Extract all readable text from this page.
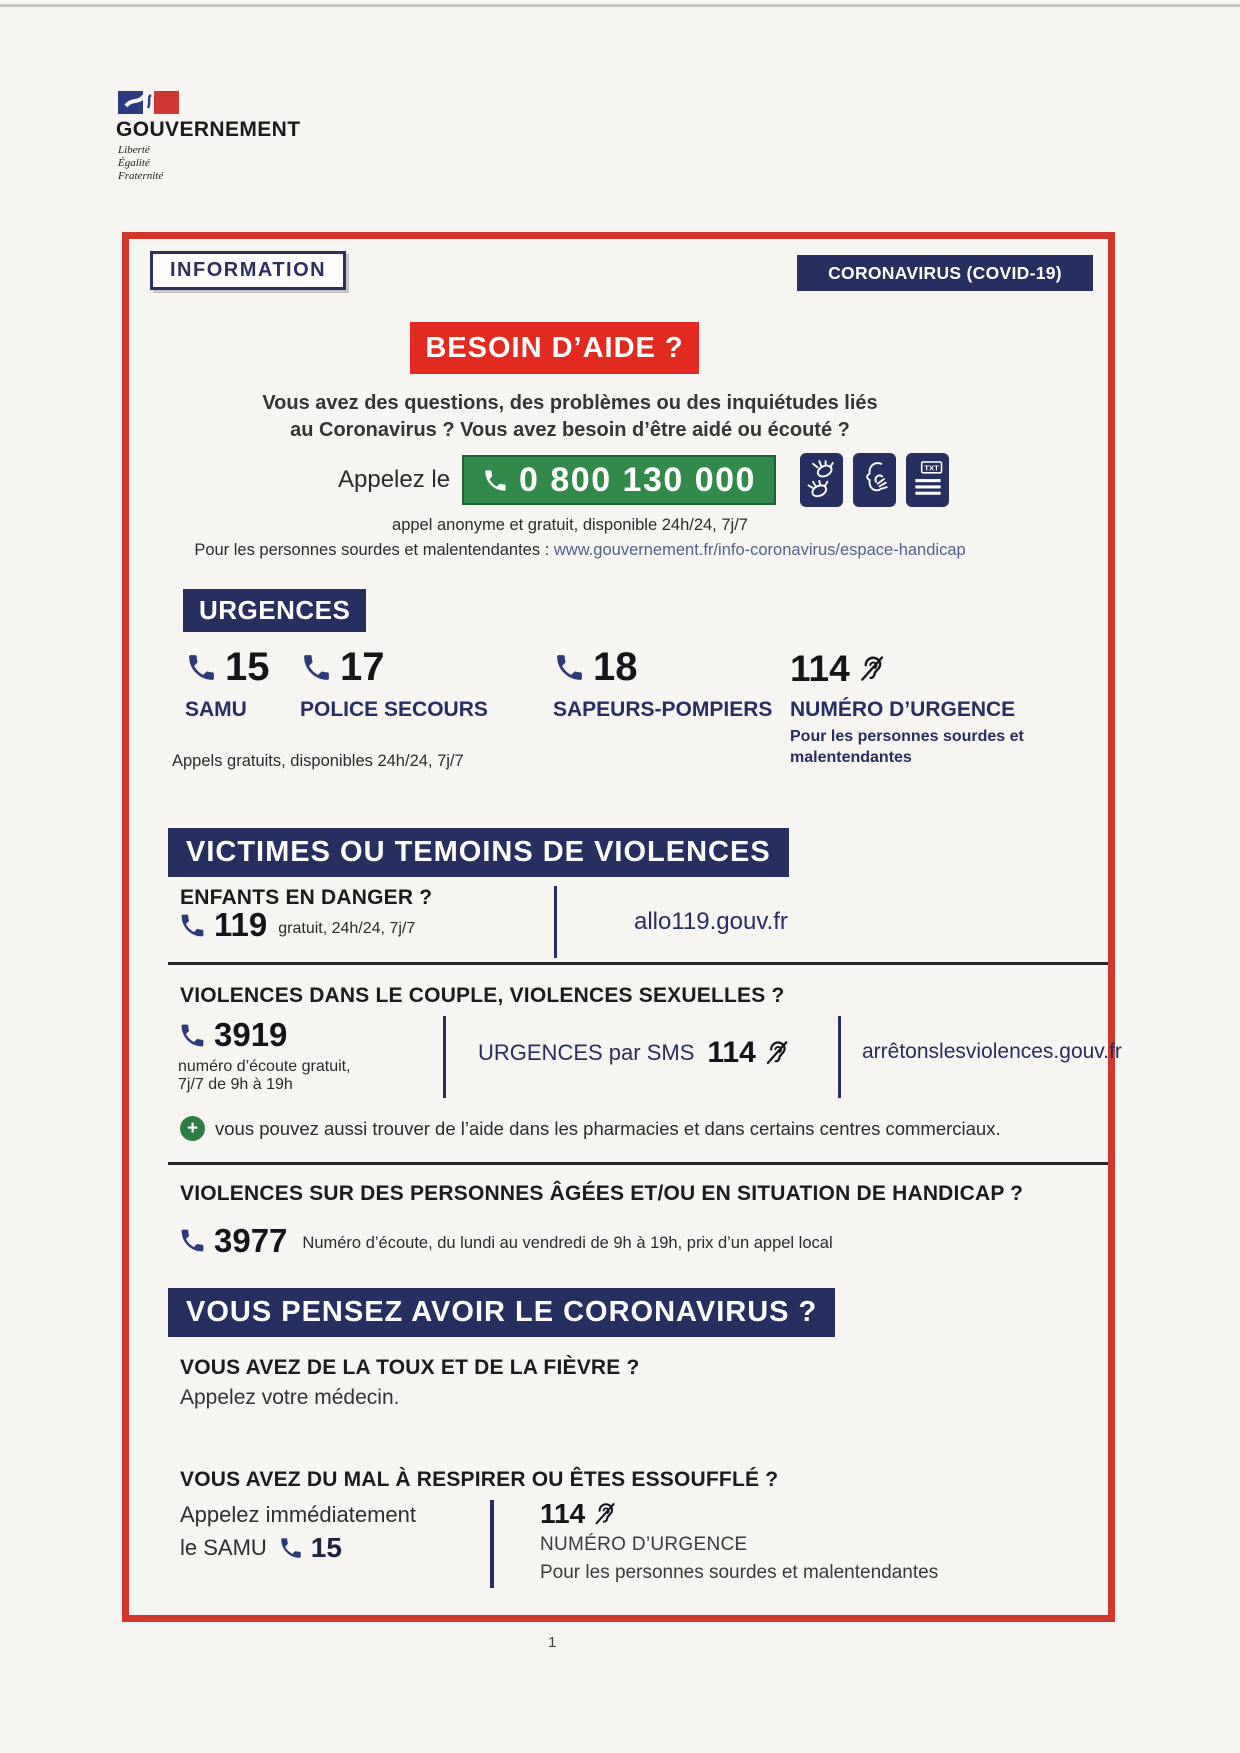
GOUVERNEMENT
Liberté
Égalité
Fraternité
INFORMATION	CORONAVIRUS (COVID-19)
BESOIN D’AIDE ?
Vous avez des questions, des problèmes ou des inquiétudes liés
au Coronavirus ? Vous avez besoin d’être aidé ou écouté ?
Appelez le 0 800 130 000	TXT
appel anonyme et gratuit, disponible 24h/24, 7j/7
Pour les personnes sourdes et malentendantes : www.gouvernement.fr/info-coronavirus/espace-handicap
URGENCES
15
SAMU
17
POLICE SECOURS
18
SAPEURS-POMPIERS
114
NUMÉRO D’URGENCE
Pour les personnes sourdes et malentendantes
Appels gratuits, disponibles 24h/24, 7j/7
VICTIMES OU TEMOINS DE VIOLENCES
ENFANTS EN DANGER ?
119 gratuit, 24h/24, 7j/7	allo119.gouv.fr
VIOLENCES DANS LE COUPLE, VIOLENCES SEXUELLES ?
3919
numéro d’écoute gratuit,
7j/7 de 9h à 19h
URGENCES par SMS 114	arrêtonslesviolences.gouv.fr
+ vous pouvez aussi trouver de l’aide dans les pharmacies et dans certains centres commerciaux.
VIOLENCES SUR DES PERSONNES ÂGÉES ET/OU EN SITUATION DE HANDICAP ?
3977 Numéro d’écoute, du lundi au vendredi de 9h à 19h, prix d’un appel local
VOUS PENSEZ AVOIR LE CORONAVIRUS ?
VOUS AVEZ DE LA TOUX ET DE LA FIÈVRE ?
Appelez votre médecin.
VOUS AVEZ DU MAL À RESPIRER OU ÊTES ESSOUFFLÉ ?
Appelez immédiatement
le SAMU 15
114
NUMÉRO D’URGENCE
Pour les personnes sourdes et malentendantes
1
